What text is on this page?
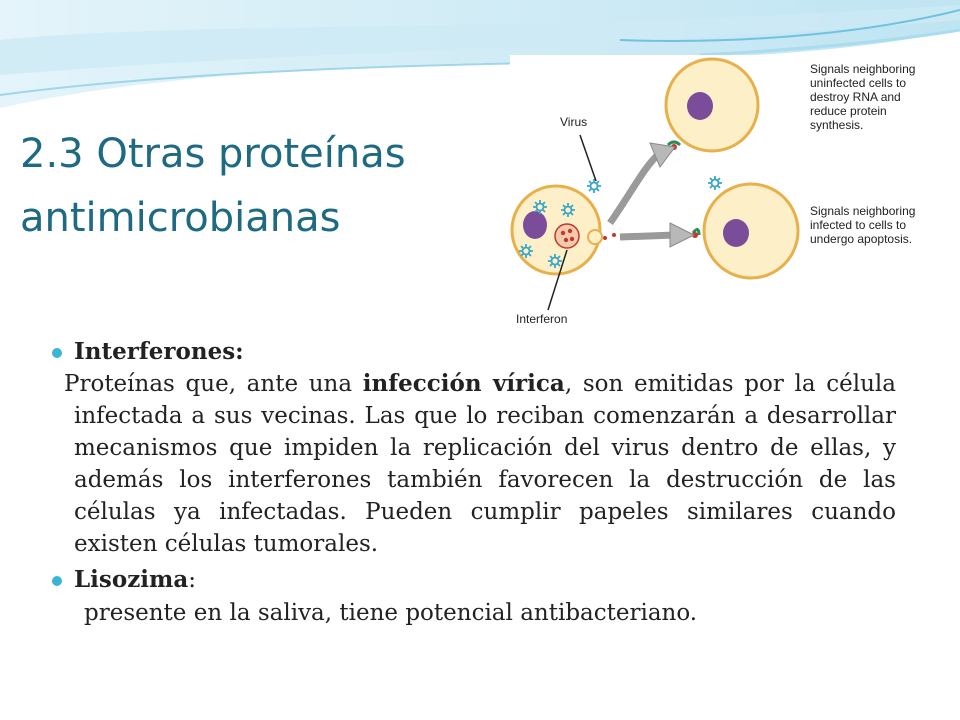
2.3 Otras proteínas antimicrobianas
Virus
Interferon
Signals neighboring
uninfected cells to
destroy RNA and
reduce protein
synthesis.
Signals neighboring
infected to cells to
undergo apoptosis.
Interferones:
Proteínas que, ante una infección vírica, son emitidas por la célula infectada a sus vecinas. Las que lo reciban comenzarán a desarrollar mecanismos que impiden la replicación del virus dentro de ellas, y además los interferones también favorecen la destrucción de las células ya infectadas. Pueden cumplir papeles similares cuando existen células tumorales.
Lisozima:
presente en la saliva, tiene potencial antibacteriano.
